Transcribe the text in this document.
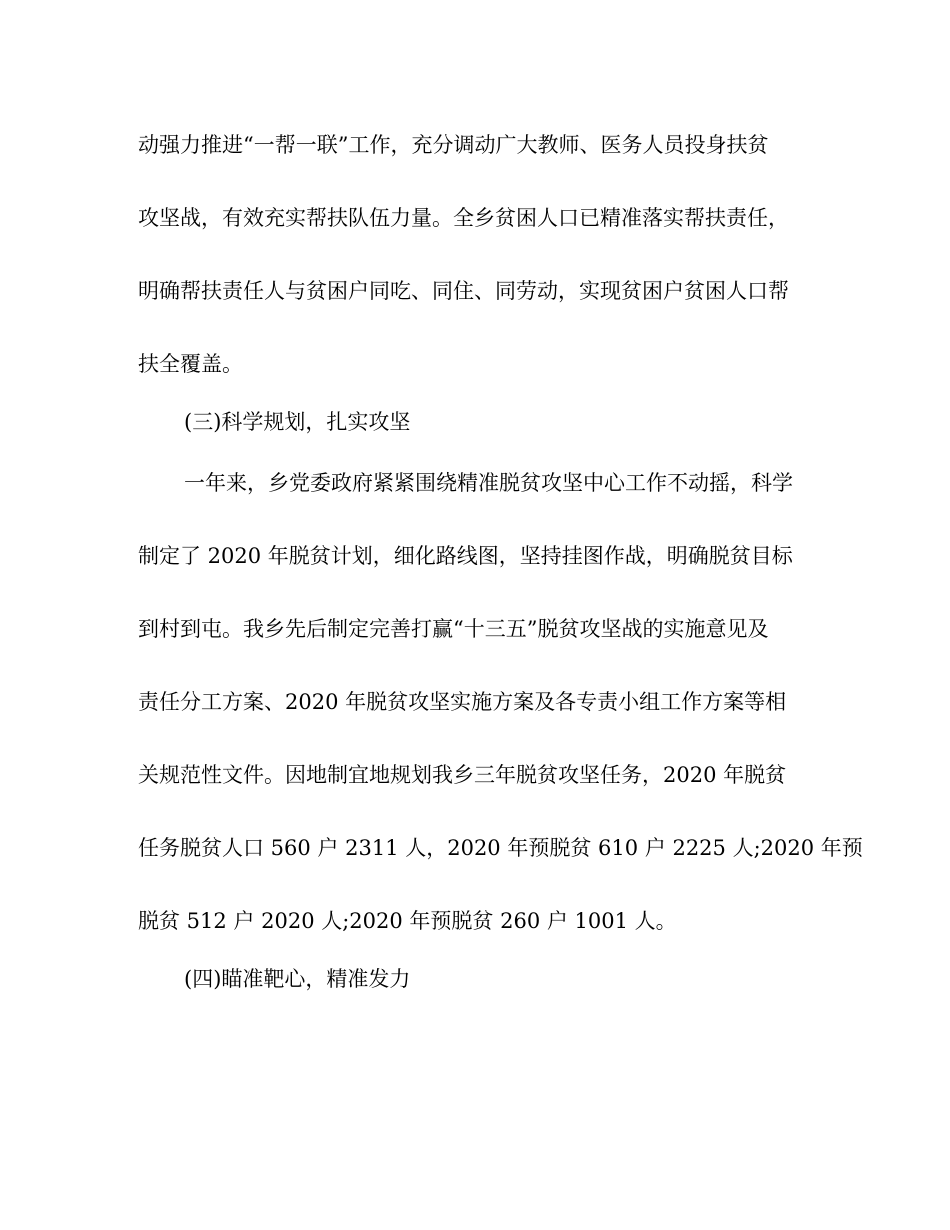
动强力推进“一帮一联”工作，充分调动广大教师、医务人员投身扶贫
攻坚战，有效充实帮扶队伍力量。全乡贫困人口已精准落实帮扶责任，
明确帮扶责任人与贫困户同吃、同住、同劳动，实现贫困户贫困人口帮
扶全覆盖。
(三)科学规划，扎实攻坚
一年来，乡党委政府紧紧围绕精准脱贫攻坚中心工作不动摇，科学
制定了 2020 年脱贫计划，细化路线图，坚持挂图作战，明确脱贫目标
到村到屯。我乡先后制定完善打赢“十三五”脱贫攻坚战的实施意见及
责任分工方案、2020 年脱贫攻坚实施方案及各专责小组工作方案等相
关规范性文件。因地制宜地规划我乡三年脱贫攻坚任务，2020 年脱贫
任务脱贫人口 560 户 2311 人，2020 年预脱贫 610 户 2225 人;2020 年预
脱贫 512 户 2020 人;2020 年预脱贫 260 户 1001 人。
(四)瞄准靶心，精准发力
